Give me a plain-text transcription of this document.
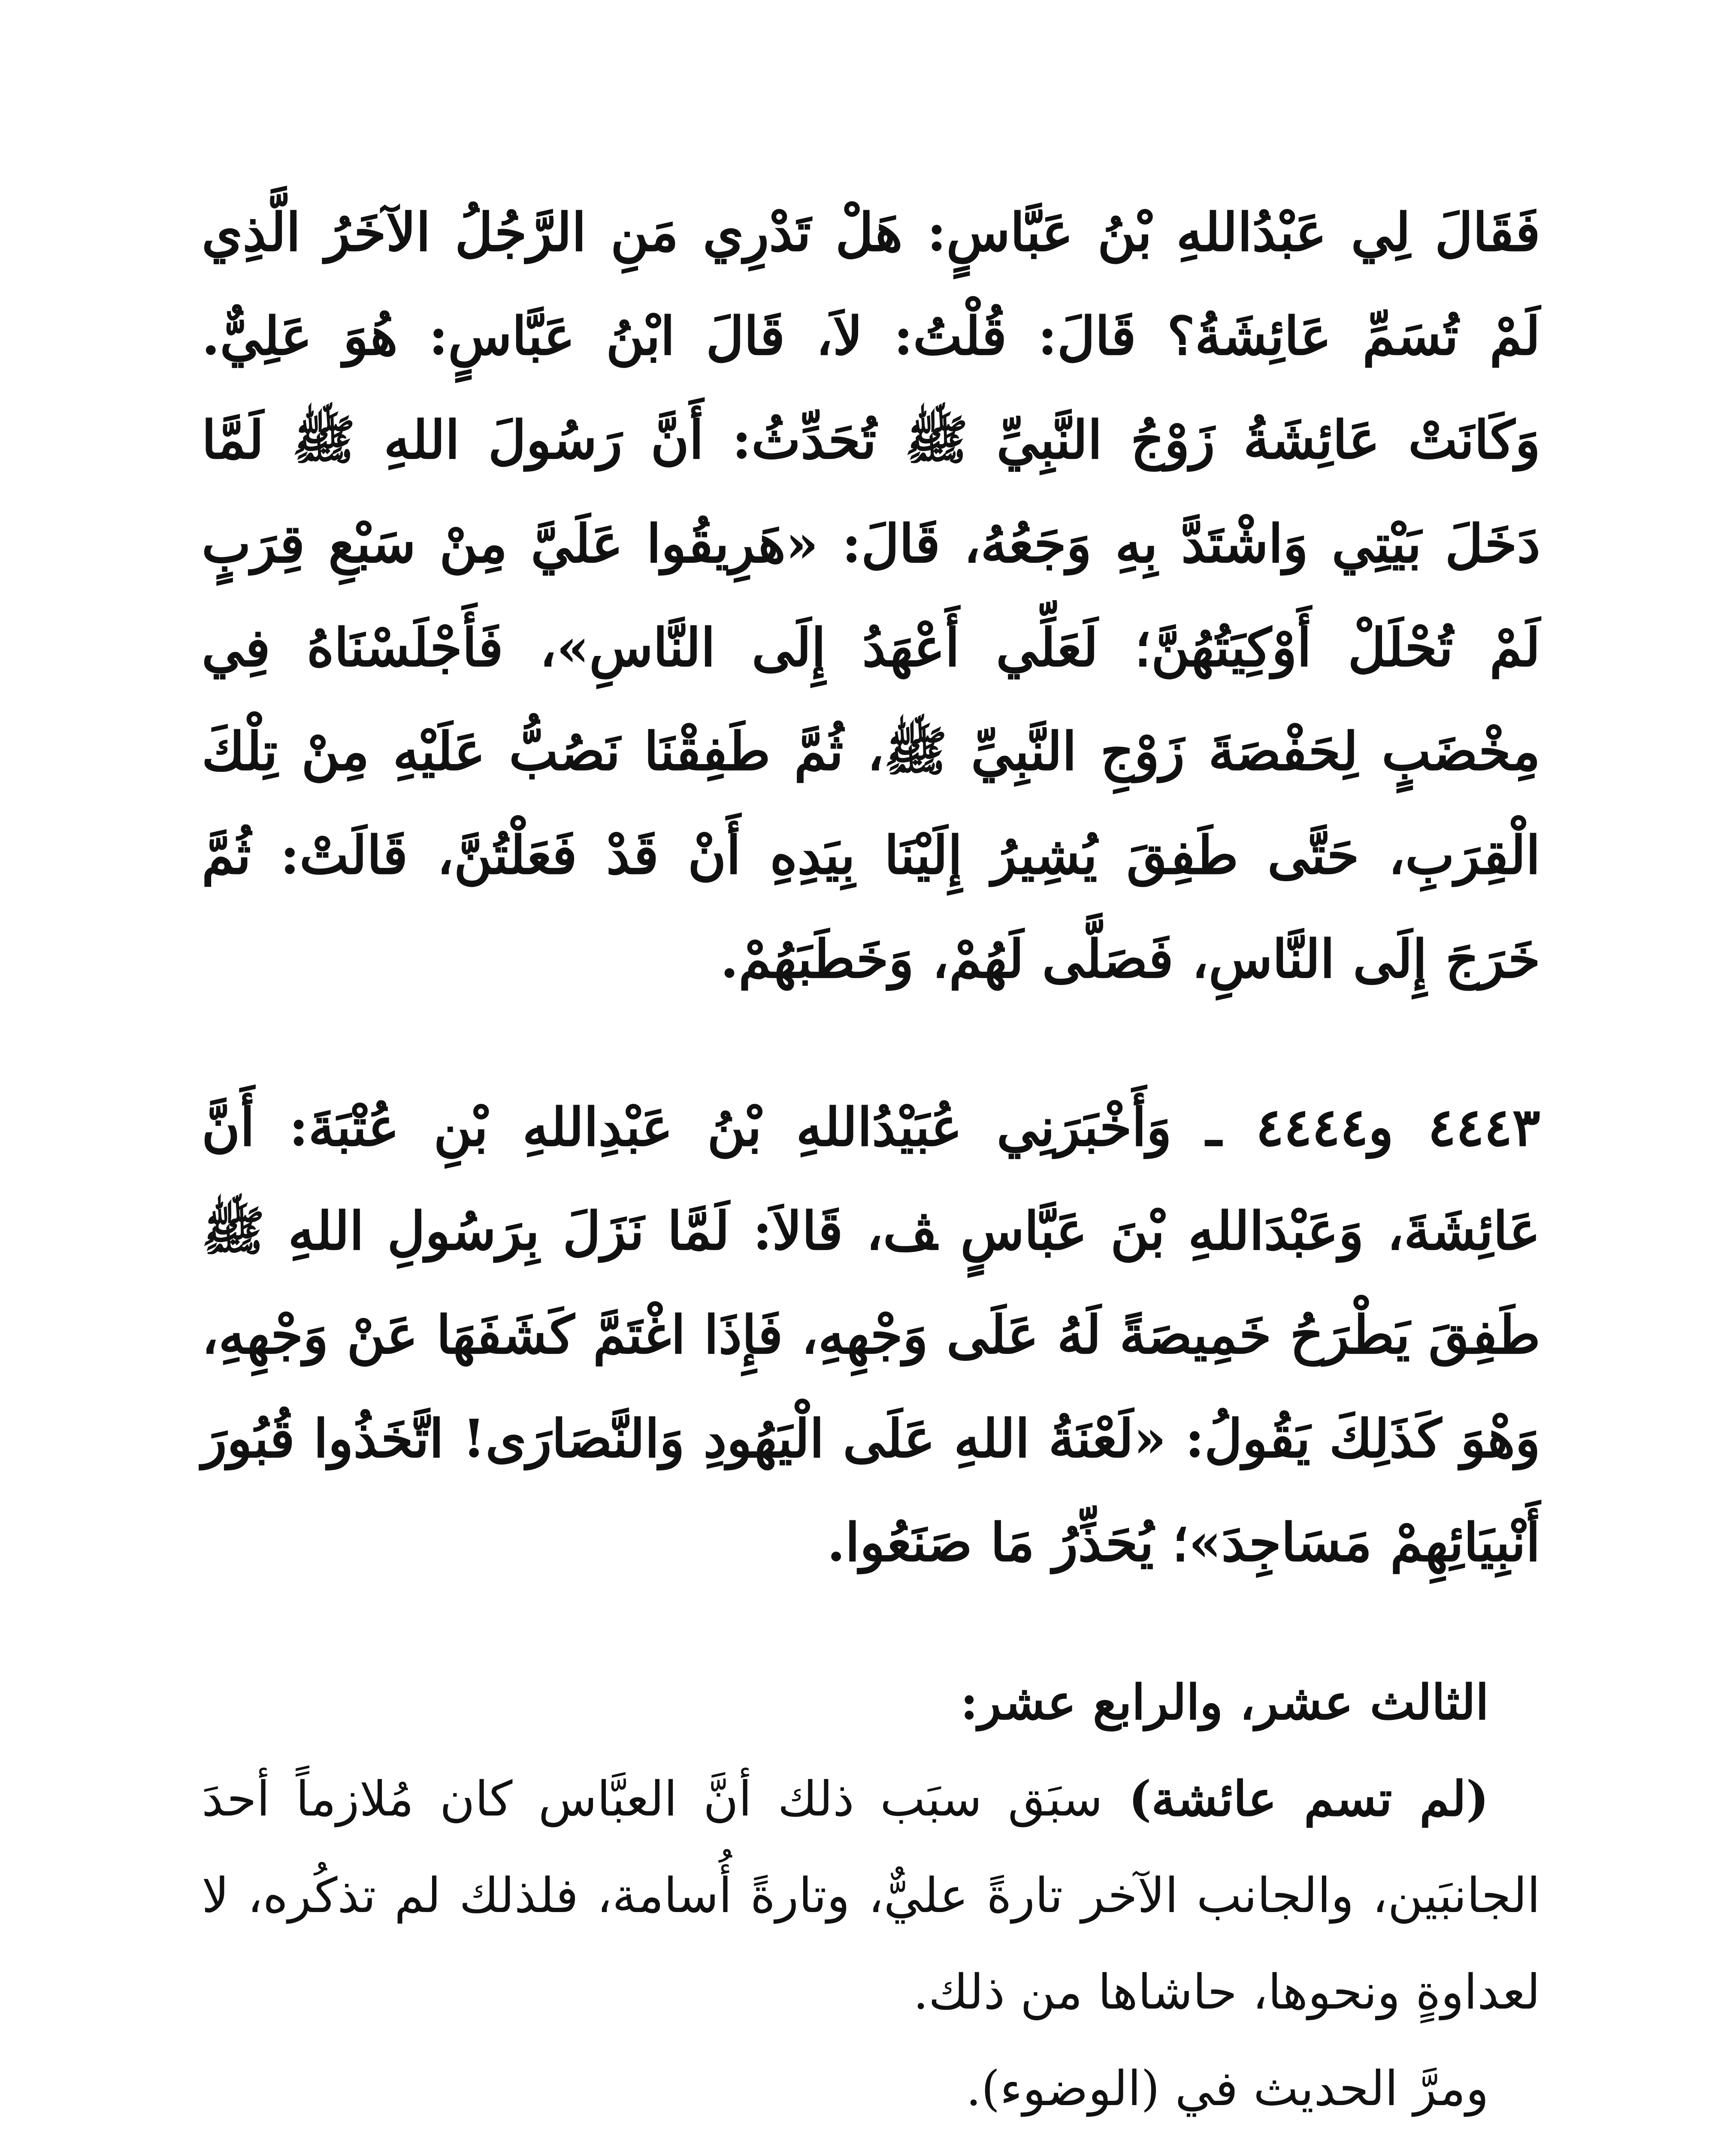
فَقَالَ لِي عَبْدُاللهِ بْنُ عَبَّاسٍ: هَلْ تَدْرِي مَنِ الرَّجُلُ الآخَرُ الَّذِي لَمْ تُسَمِّ عَائِشَةُ؟ قَالَ: قُلْتُ: لاَ، قَالَ ابْنُ عَبَّاسٍ: هُوَ عَلِيٌّ. وَكَانَتْ عَائِشَةُ زَوْجُ النَّبِيِّ ﷺ تُحَدِّثُ: أَنَّ رَسُولَ اللهِ ﷺ لَمَّا دَخَلَ بَيْتِي وَاشْتَدَّ بِهِ وَجَعُهُ، قَالَ: «هَرِيقُوا عَلَيَّ مِنْ سَبْعِ قِرَبٍ لَمْ تُحْلَلْ أَوْكِيَتُهُنَّ؛ لَعَلِّي أَعْهَدُ إِلَى النَّاسِ»، فَأَجْلَسْنَاهُ فِي مِخْضَبٍ لِحَفْصَةَ زَوْجِ النَّبِيِّ ﷺ، ثُمَّ طَفِقْنَا نَصُبُّ عَلَيْهِ مِنْ تِلْكَ الْقِرَبِ، حَتَّى طَفِقَ يُشِيرُ إِلَيْنَا بِيَدِهِ أَنْ قَدْ فَعَلْتُنَّ، قَالَتْ: ثُمَّ خَرَجَ إِلَى النَّاسِ، فَصَلَّى لَهُمْ، وَخَطَبَهُمْ.

٤٤٤٣ و٤٤٤٤ ـ وَأَخْبَرَنِي عُبَيْدُاللهِ بْنُ عَبْدِاللهِ بْنِ عُتْبَةَ: أَنَّ عَائِشَةَ، وَعَبْدَاللهِ بْنَ عَبَّاسٍ ﭫ، قَالاَ: لَمَّا نَزَلَ بِرَسُولِ اللهِ ﷺ طَفِقَ يَطْرَحُ خَمِيصَةً لَهُ عَلَى وَجْهِهِ، فَإِذَا اغْتَمَّ كَشَفَهَا عَنْ وَجْهِهِ، وَهْوَ كَذَلِكَ يَقُولُ: «لَعْنَةُ اللهِ عَلَى الْيَهُودِ وَالنَّصَارَى! اتَّخَذُوا قُبُورَ أَنْبِيَائِهِمْ مَسَاجِدَ»؛ يُحَذِّرُ مَا صَنَعُوا.

الثالث عشر، والرابع عشر:

(لم تسم عائشة) سبَق سبَب ذلك أنَّ العبَّاس كان مُلازماً أحدَ الجانبَين، والجانب الآخر تارةً عليٌّ، وتارةً أُسامة، فلذلك لم تذكُره، لا لعداوةٍ ونحوها، حاشاها من ذلك.

ومرَّ الحديث في (الوضوء).
